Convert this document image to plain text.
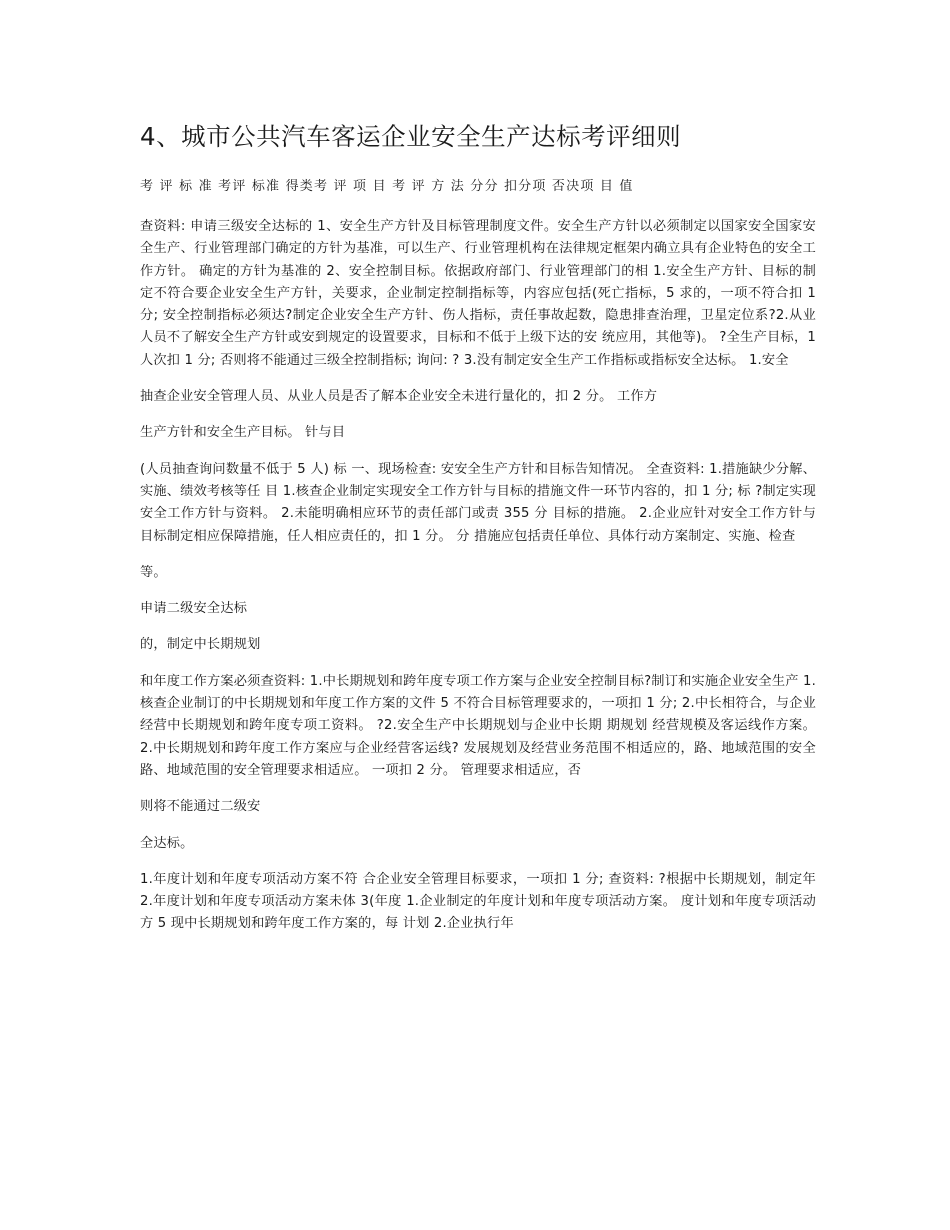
4、城市公共汽车客运企业安全生产达标考评细则
考 评 标 准 考评 标准 得类考 评 项 目 考 评 方 法 分分 扣分项 否决项 目 值

查资料: 申请三级安全达标的 1、安全生产方针及目标管理制度文件。安全生产方针以必须制定以国家安全国家安全生产、行业管理部门确定的方针为基准，可以生产、行业管理机构在法律规定框架内确立具有企业特色的安全工作方针。 确定的方针为基准的 2、安全控制目标。依据政府部门、行业管理部门的相 1.安全生产方针、目标的制定不符合要企业安全生产方针，关要求，企业制定控制指标等，内容应包括(死亡指标，5 求的，一项不符合扣 1 分; 安全控制指标必须达?制定企业安全生产方针、伤人指标，责任事故起数，隐患排查治理，卫星定位系?2.从业人员不了解安全生产方针或安到规定的设置要求，目标和不低于上级下达的安 统应用，其他等)。 ?全生产目标，1 人次扣 1 分; 否则将不能通过三级全控制指标; 询问: ? 3.没有制定安全生产工作指标或指标安全达标。 1.安全

抽查企业安全管理人员、从业人员是否了解本企业安全未进行量化的，扣 2 分。 工作方

生产方针和安全生产目标。 针与目

(人员抽查询问数量不低于 5 人) 标 一、现场检查: 安安全生产方针和目标告知情况。 全查资料: 1.措施缺少分解、实施、绩效考核等任 目 1.核查企业制定实现安全工作方针与目标的措施文件一环节内容的，扣 1 分; 标 ?制定实现安全工作方针与资料。 2.未能明确相应环节的责任部门或责 355 分 目标的措施。 2.企业应针对安全工作方针与目标制定相应保障措施，任人相应责任的，扣 1 分。 分 措施应包括责任单位、具体行动方案制定、实施、检查

等。

申请二级安全达标

的，制定中长期规划

和年度工作方案必须查资料: 1.中长期规划和跨年度专项工作方案与企业安全控制目标?制订和实施企业安全生产 1.核查企业制订的中长期规划和年度工作方案的文件 5 不符合目标管理要求的，一项扣 1 分; 2.中长相符合，与企业经营中长期规划和跨年度专项工资料。 ?2.安全生产中长期规划与企业中长期 期规划 经营规模及客运线作方案。 2.中长期规划和跨年度工作方案应与企业经营客运线? 发展规划及经营业务范围不相适应的，路、地域范围的安全路、地域范围的安全管理要求相适应。 一项扣 2 分。 管理要求相适应，否

则将不能通过二级安

全达标。

1.年度计划和年度专项活动方案不符 合企业安全管理目标要求，一项扣 1 分; 查资料: ?根据中长期规划，制定年 2.年度计划和年度专项活动方案未体 3(年度 1.企业制定的年度计划和年度专项活动方案。 度计划和年度专项活动方 5 现中长期规划和跨年度工作方案的，每 计划 2.企业执行年
